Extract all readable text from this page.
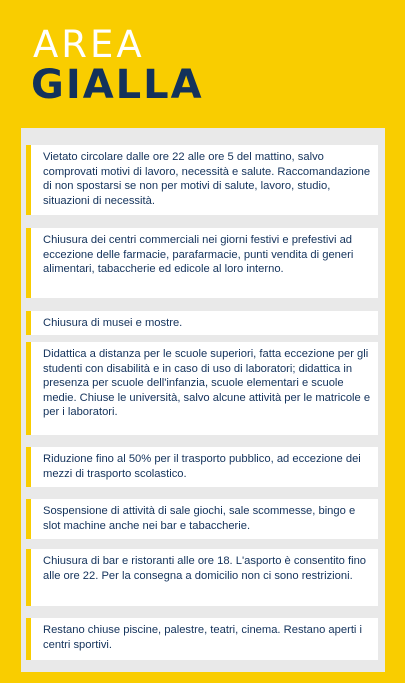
AREA
GIALLA
Vietato circolare dalle ore 22 alle ore 5 del mattino, salvo comprovati motivi di lavoro, necessità e salute. Raccomandazione di non spostarsi se non per motivi di salute, lavoro, studio, situazioni di necessità.
Chiusura dei centri commerciali nei giorni festivi e prefestivi ad eccezione delle farmacie, parafarmacie, punti vendita di generi alimentari, tabaccherie ed edicole al loro interno.
Chiusura di musei e mostre.
Didattica a distanza per le scuole superiori, fatta eccezione per gli studenti con disabilità e in caso di uso di laboratori; didattica in presenza per scuole dell'infanzia, scuole elementari e scuole medie. Chiuse le università, salvo alcune attività per le matricole e per i laboratori.
Riduzione fino al 50% per il trasporto pubblico, ad eccezione dei mezzi di trasporto scolastico.
Sospensione di attività di sale giochi, sale scommesse, bingo e slot machine anche nei bar e tabaccherie.
Chiusura di bar e ristoranti alle ore 18. L'asporto è consentito fino alle ore 22. Per la consegna a domicilio non ci sono restrizioni.
Restano chiuse piscine, palestre, teatri, cinema. Restano aperti i centri sportivi.
